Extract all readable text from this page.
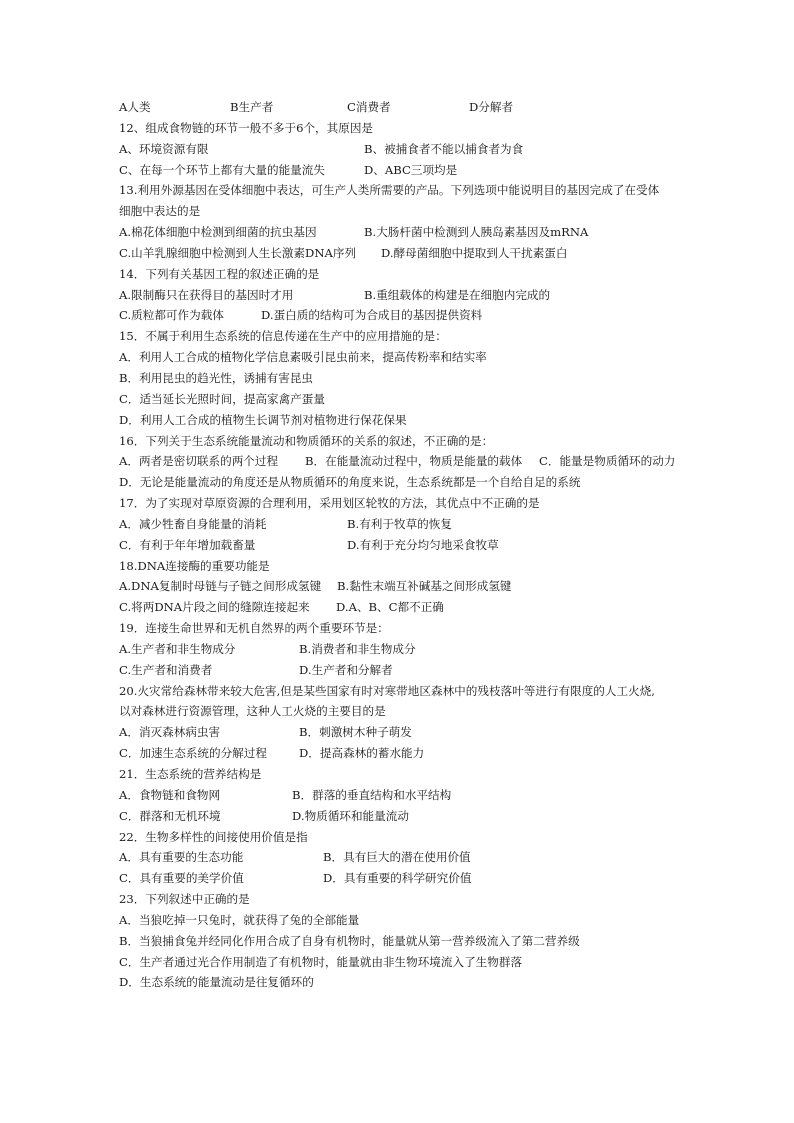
A人类	B生产者	C消费者	D分解者
12、组成食物链的环节一般不多于6个，其原因是
A、环境资源有限	B、被捕食者不能以捕食者为食
C、在每一个环节上都有大量的能量流失	D、ABC三项均是
13.利用外源基因在受体细胞中表达，可生产人类所需要的产品。下列选项中能说明目的基因完成了在受体
细胞中表达的是
A.棉花体细胞中检测到细菌的抗虫基因	B.大肠杆菌中检测到人胰岛素基因及mRNA
C.山羊乳腺细胞中检测到人生长激素DNA序列 D.酵母菌细胞中提取到人干扰素蛋白
14．下列有关基因工程的叙述正确的是
A.限制酶只在获得目的基因时才用	B.重组载体的构建是在细胞内完成的
C.质粒都可作为载体	D.蛋白质的结构可为合成目的基因提供资料
15．不属于利用生态系统的信息传递在生产中的应用措施的是：
A．利用人工合成的植物化学信息素吸引昆虫前来，提高传粉率和结实率
B．利用昆虫的趋光性，诱捕有害昆虫
C．适当延长光照时间，提高家禽产蛋量
D．利用人工合成的植物生长调节剂对植物进行保花保果
16．下列关于生态系统能量流动和物质循环的关系的叙述，不正确的是：
A．两者是密切联系的两个过程 B．在能量流动过程中，物质是能量的载体 C．能量是物质循环的动力
D．无论是能量流动的角度还是从物质循环的角度来说，生态系统都是一个自给自足的系统
17．为了实现对草原资源的合理利用，采用划区轮牧的方法，其优点中不正确的是
A．减少牲畜自身能量的消耗	B.有利于牧草的恢复
C．有利于年年增加载畜量	D.有利于充分均匀地采食牧草
18.DNA连接酶的重要功能是
A.DNA复制时母链与子链之间形成氢键 B.黏性末端互补碱基之间形成氢键
C.将两DNA片段之间的缝隙连接起来 D.A、B、C都不正确
19．连接生命世界和无机自然界的两个重要环节是：
A.生产者和非生物成分	B.消费者和非生物成分
C.生产者和消费者	D.生产者和分解者
20.火灾常给森林带来较大危害,但是某些国家有时对寒带地区森林中的残枝落叶等进行有限度的人工火烧,
以对森林进行资源管理，这种人工火烧的主要目的是
A．消灭森林病虫害	B．刺激树木种子萌发
C．加速生态系统的分解过程	D．提高森林的蓄水能力
21．生态系统的营养结构是
A．食物链和食物网	B．群落的垂直结构和水平结构
C．群落和无机环境	D.物质循环和能量流动
22．生物多样性的间接使用价值是指
A．具有重要的生态功能	B．具有巨大的潜在使用价值
C．具有重要的美学价值	D．具有重要的科学研究价值
23．下列叙述中正确的是
A．当狼吃掉一只兔时，就获得了兔的全部能量
B．当狼捕食兔并经同化作用合成了自身有机物时，能量就从第一营养级流入了第二营养级
C．生产者通过光合作用制造了有机物时，能量就由非生物环境流入了生物群落
D．生态系统的能量流动是往复循环的
